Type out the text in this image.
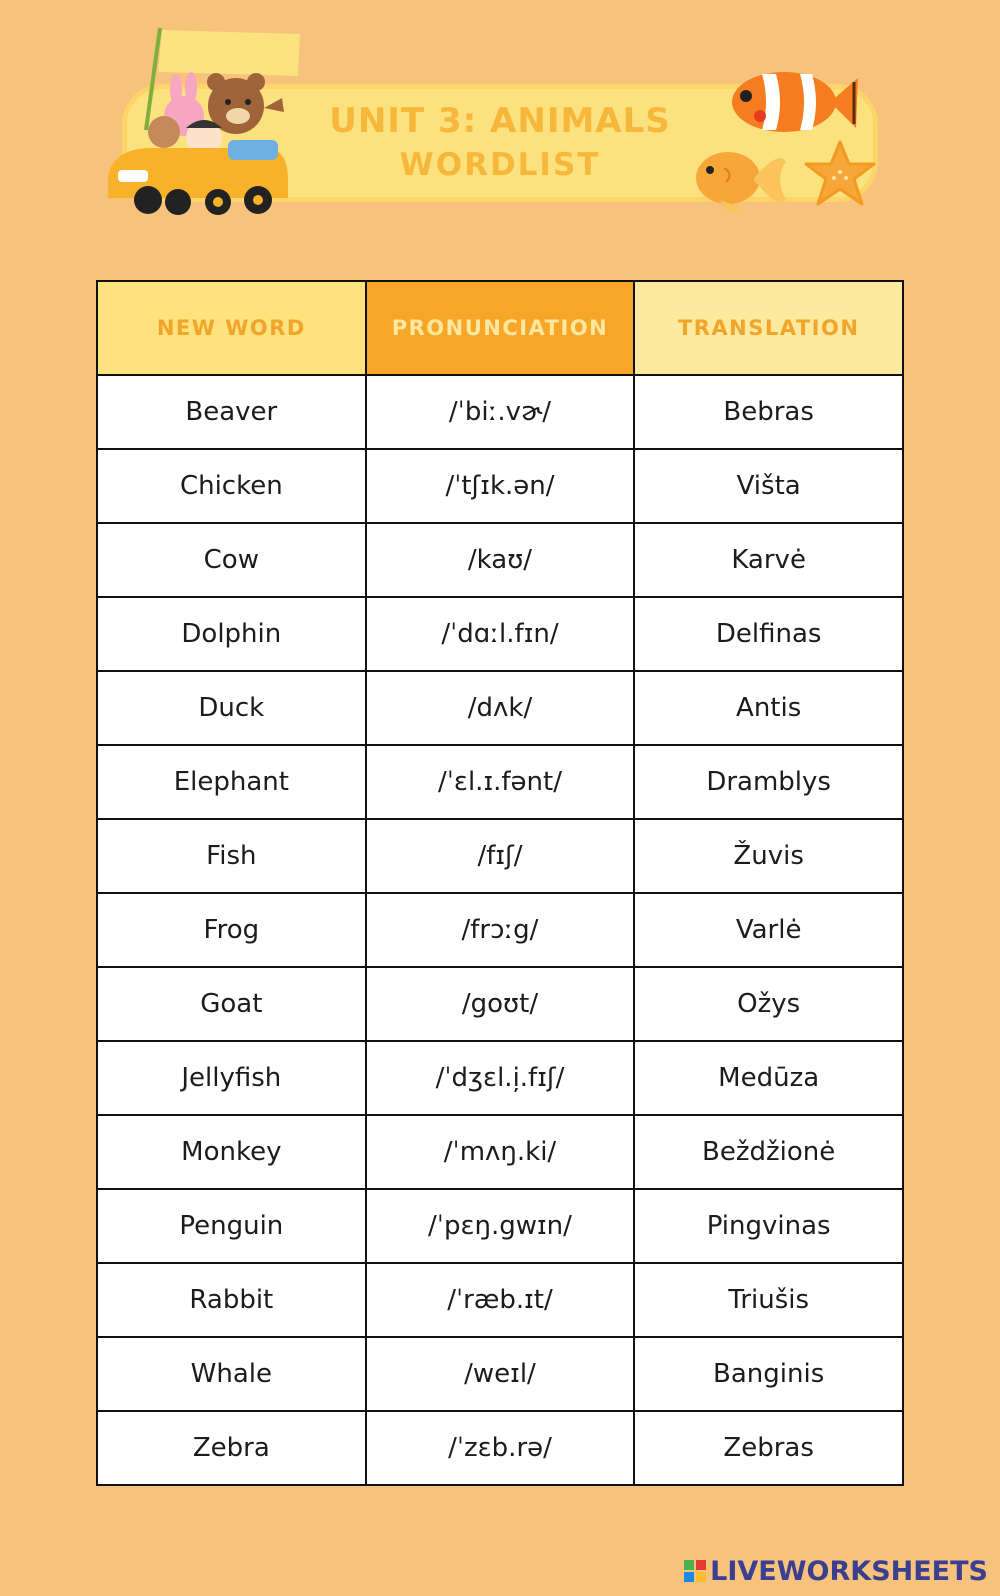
UNIT 3: ANIMALS
WORDLIST
NEW WORD	PRONUNCIATION	TRANSLATION
Beaver	/ˈbiː.vɚ/	Bebras
Chicken	/ˈtʃɪk.ən/	Višta
Cow	/kaʊ/	Karvė
Dolphin	/ˈdɑːl.fɪn/	Delfinas
Duck	/dʌk/	Antis
Elephant	/ˈɛl.ɪ.fənt/	Dramblys
Fish	/fɪʃ/	Žuvis
Frog	/frɔːg/	Varlė
Goat	/goʊt/	Ožys
Jellyfish	/ˈdʒɛl.i̦.fɪʃ/	Medūza
Monkey	/ˈmʌŋ.ki/	Beždžionė
Penguin	/ˈpɛŋ.gwɪn/	Pingvinas
Rabbit	/ˈræb.ɪt/	Triušis
Whale	/weɪl/	Banginis
Zebra	/ˈzɛb.rə/	Zebras
LIVEWORKSHEETS
